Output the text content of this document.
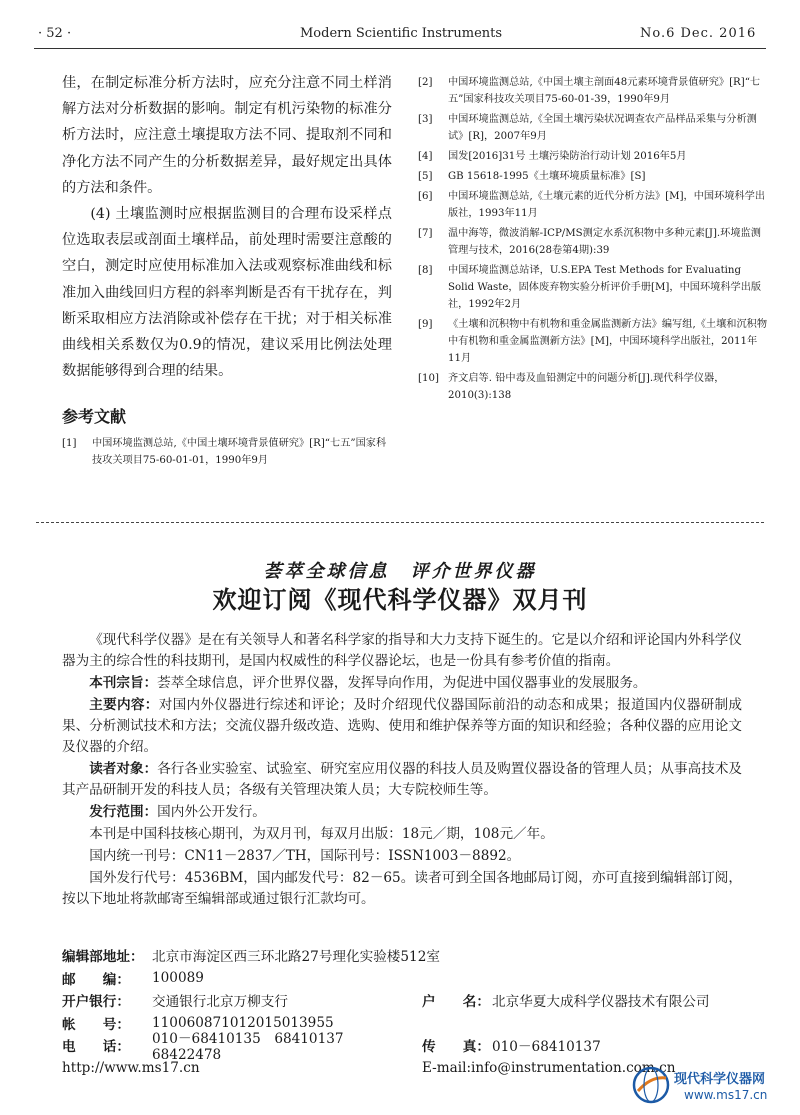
· 52 ·	Modern Scientific Instruments	No.6 Dec. 2016

佳，在制定标准分析方法时，应充分注意不同土样消解方法对分析数据的影响。制定有机污染物的标准分析方法时，应注意土壤提取方法不同、提取剂不同和净化方法不同产生的分析数据差异，最好规定出具体的方法和条件。

(4) 土壤监测时应根据监测目的合理布设采样点位选取表层或剖面土壤样品，前处理时需要注意酸的空白，测定时应使用标准加入法或观察标准曲线和标准加入曲线回归方程的斜率判断是否有干扰存在，判断采取相应方法消除或补偿存在干扰；对于相关标准曲线相关系数仅为0.9的情况，建议采用比例法处理数据能够得到合理的结果。

参考文献
[1]	中国环境监测总站,《中国土壤环境背景值研究》[R]“七五”国家科技攻关项目75-60-01-01，1990年9月
[2]	中国环境监测总站,《中国土壤主剖面48元素环境背景值研究》[R]“七五”国家科技攻关项目75-60-01-39，1990年9月
[3]	中国环境监测总站,《全国土壤污染状况调查农产品样品采集与分析测试》[R]，2007年9月
[4]	国发[2016]31号 土壤污染防治行动计划 2016年5月
[5]	GB 15618-1995《土壤环境质量标准》[S]
[6]	中国环境监测总站,《土壤元素的近代分析方法》[M]，中国环境科学出版社，1993年11月
[7]	温中海等，微波消解-ICP/MS测定水系沉积物中多种元素[J].环境监测管理与技术，2016(28卷第4期):39
[8]	中国环境监测总站译，U.S.EPA Test Methods for Evaluating Solid Waste，固体废弃物实验分析评价手册[M]，中国环境科学出版社，1992年2月
[9]	《土壤和沉积物中有机物和重金属监测新方法》编写组,《土壤和沉积物中有机物和重金属监测新方法》[M]，中国环境科学出版社，2011年11月
[10] 齐文启等. 铅中毒及血铅测定中的问题分析[J].现代科学仪器，2010(3):138
荟萃全球信息　评介世界仪器
欢迎订阅《现代科学仪器》双月刊

《现代科学仪器》是在有关领导人和著名科学家的指导和大力支持下诞生的。它是以介绍和评论国内外科学仪器为主的综合性的科技期刊，是国内权威性的科学仪器论坛，也是一份具有参考价值的指南。

本刊宗旨：荟萃全球信息，评介世界仪器，发挥导向作用，为促进中国仪器事业的发展服务。

主要内容：对国内外仪器进行综述和评论；及时介绍现代仪器国际前沿的动态和成果；报道国内仪器研制成果、分析测试技术和方法；交流仪器升级改造、选购、使用和维护保养等方面的知识和经验；各种仪器的应用论文及仪器的介绍。

读者对象：各行各业实验室、试验室、研究室应用仪器的科技人员及购置仪器设备的管理人员；从事高技术及其产品研制开发的科技人员；各级有关管理决策人员；大专院校师生等。

发行范围：国内外公开发行。

本刊是中国科技核心期刊，为双月刊，每双月出版：18元／期，108元／年。

国内统一刊号：CN11－2837／TH，国际刊号：ISSN1003－8892。

国外发行代号：4536BM，国内邮发代号：82－65。读者可到全国各地邮局订阅，亦可直接到编辑部订阅，按以下地址将款邮寄至编辑部或通过银行汇款均可。

编辑部地址： 北京市海淀区西三环北路27号理化实验楼512室
邮　　编：	100089
开户银行：	交通银行北京万柳支行	户　　名： 北京华夏大成科学仪器技术有限公司
帐　　号：	110060871012015013955
电　　话：	010－68410135　68410137　68422478	传　　真： 010－68410137
http://www.ms17.cn	E-mail:info@instrumentation.com.cn
现代科学仪器网
www.ms17.cn
